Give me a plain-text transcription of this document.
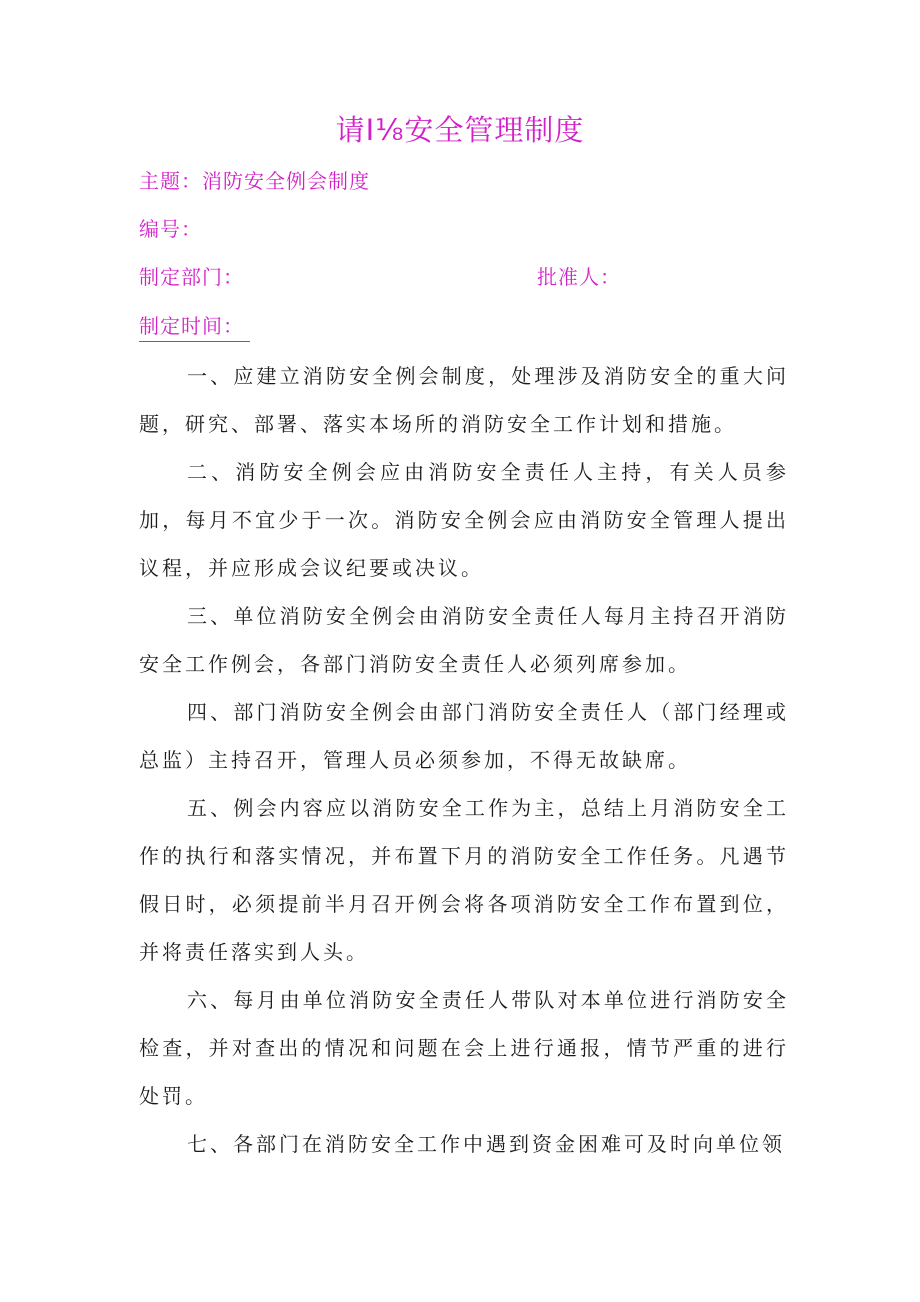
请I⅛安全管理制度
主题：消防安全例会制度
编号：
制定部门：	批准人：
制定时间：

一、应建立消防安全例会制度，处理涉及消防安全的重大问题，研究、部署、落实本场所的消防安全工作计划和措施。

二、消防安全例会应由消防安全责任人主持，有关人员参加，每月不宜少于一次。消防安全例会应由消防安全管理人提出议程，并应形成会议纪要或决议。

三、单位消防安全例会由消防安全责任人每月主持召开消防安全工作例会，各部门消防安全责任人必须列席参加。

四、部门消防安全例会由部门消防安全责任人（部门经理或总监）主持召开，管理人员必须参加，不得无故缺席。

五、例会内容应以消防安全工作为主，总结上月消防安全工作的执行和落实情况，并布置下月的消防安全工作任务。凡遇节假日时，必须提前半月召开例会将各项消防安全工作布置到位，并将责任落实到人头。

六、每月由单位消防安全责任人带队对本单位进行消防安全检查，并对查出的情况和问题在会上进行通报，情节严重的进行处罚。

七、各部门在消防安全工作中遇到资金困难可及时向单位领
